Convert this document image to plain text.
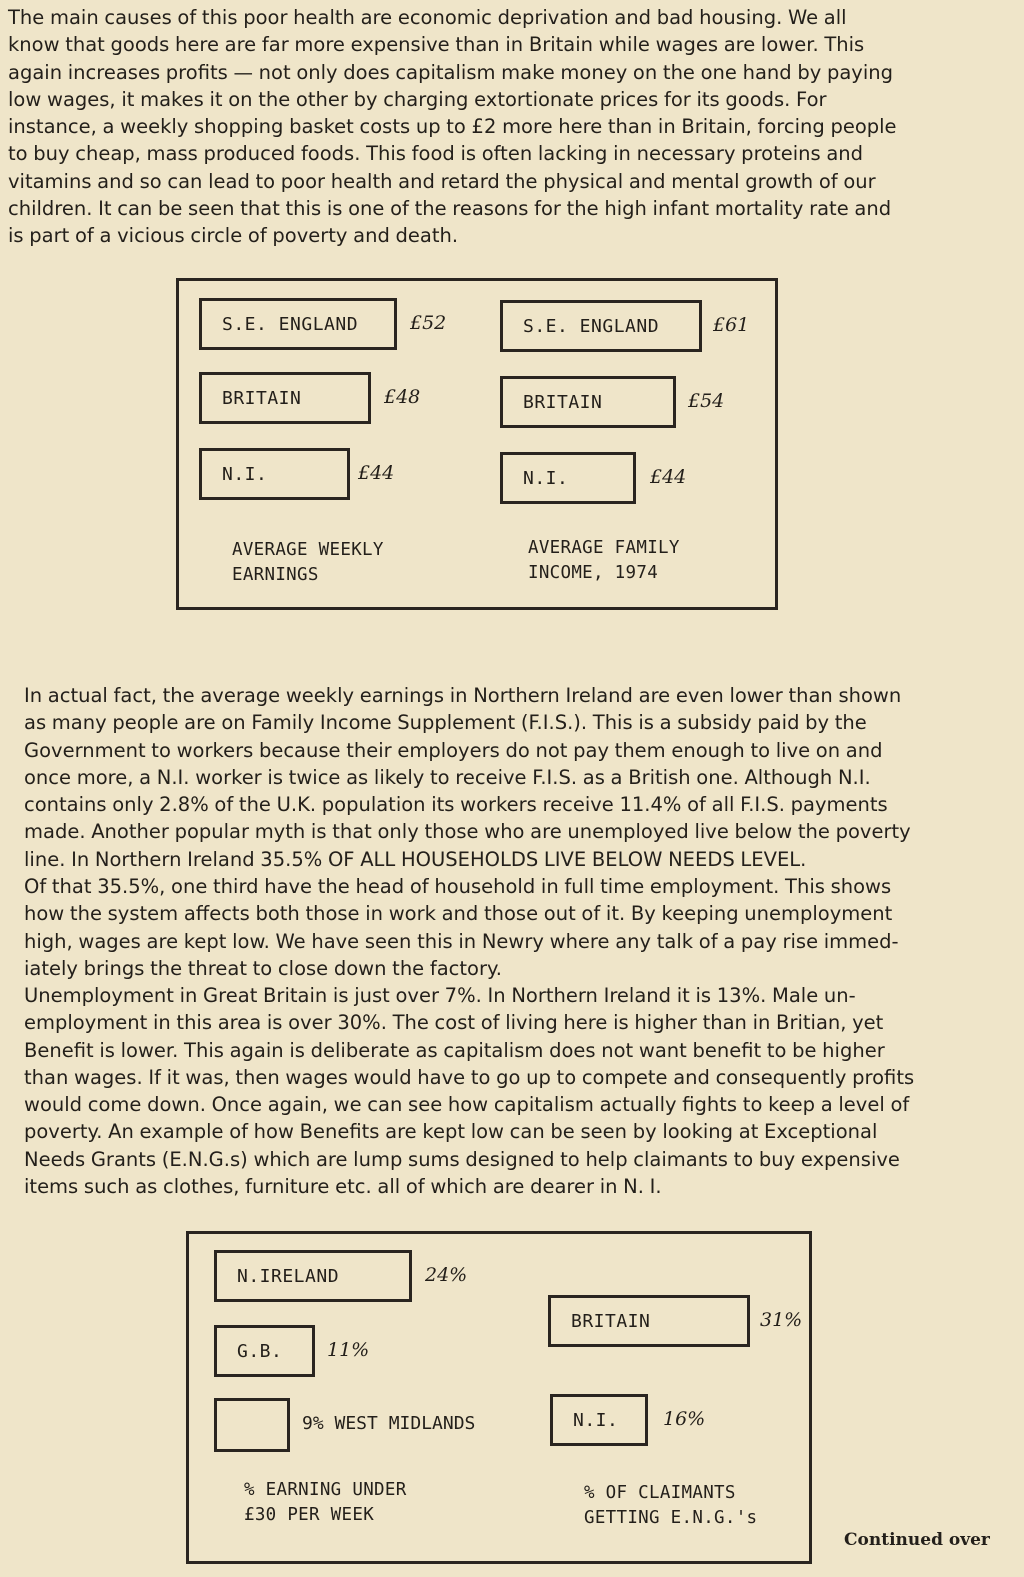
The main causes of this poor health are economic deprivation and bad housing. We all
know that goods here are far more expensive than in Britain while wages are lower. This
again increases profits — not only does capitalism make money on the one hand by paying
low wages, it makes it on the other by charging extortionate prices for its goods. For
instance, a weekly shopping basket costs up to £2 more here than in Britain, forcing people
to buy cheap, mass produced foods. This food is often lacking in necessary proteins and
vitamins and so can lead to poor health and retard the physical and mental growth of our
children. It can be seen that this is one of the reasons for the high infant mortality rate and
is part of a vicious circle of poverty and death.

S.E. ENGLAND	£52
BRITAIN	£48
N.I.	£44
AVERAGE WEEKLY
EARNINGS
S.E. ENGLAND	£61
BRITAIN	£54
N.I.	£44
AVERAGE FAMILY
INCOME, 1974

In actual fact, the average weekly earnings in Northern Ireland are even lower than shown
as many people are on Family Income Supplement (F.I.S.). This is a subsidy paid by the
Government to workers because their employers do not pay them enough to live on and
once more, a N.I. worker is twice as likely to receive F.I.S. as a British one. Although N.I.
contains only 2.8% of the U.K. population its workers receive 11.4% of all F.I.S. payments
made. Another popular myth is that only those who are unemployed live below the poverty
line. In Northern Ireland 35.5% OF ALL HOUSEHOLDS LIVE BELOW NEEDS LEVEL.
Of that 35.5%, one third have the head of household in full time employment. This shows
how the system affects both those in work and those out of it. By keeping unemployment
high, wages are kept low. We have seen this in Newry where any talk of a pay rise immed-
iately brings the threat to close down the factory.

Unemployment in Great Britain is just over 7%. In Northern Ireland it is 13%. Male un-
employment in this area is over 30%. The cost of living here is higher than in Britian, yet
Benefit is lower. This again is deliberate as capitalism does not want benefit to be higher
than wages. If it was, then wages would have to go up to compete and consequently profits
would come down. Once again, we can see how capitalism actually fights to keep a level of
poverty. An example of how Benefits are kept low can be seen by looking at Exceptional
Needs Grants (E.N.G.s) which are lump sums designed to help claimants to buy expensive
items such as clothes, furniture etc. all of which are dearer in N. I.

N.IRELAND	24%
G.B.	11%
9% WEST MIDLANDS
% EARNING UNDER
£30 PER WEEK
BRITAIN	31%
N.I.	16%
% OF CLAIMANTS
GETTING E.N.G.'s
Continued over
